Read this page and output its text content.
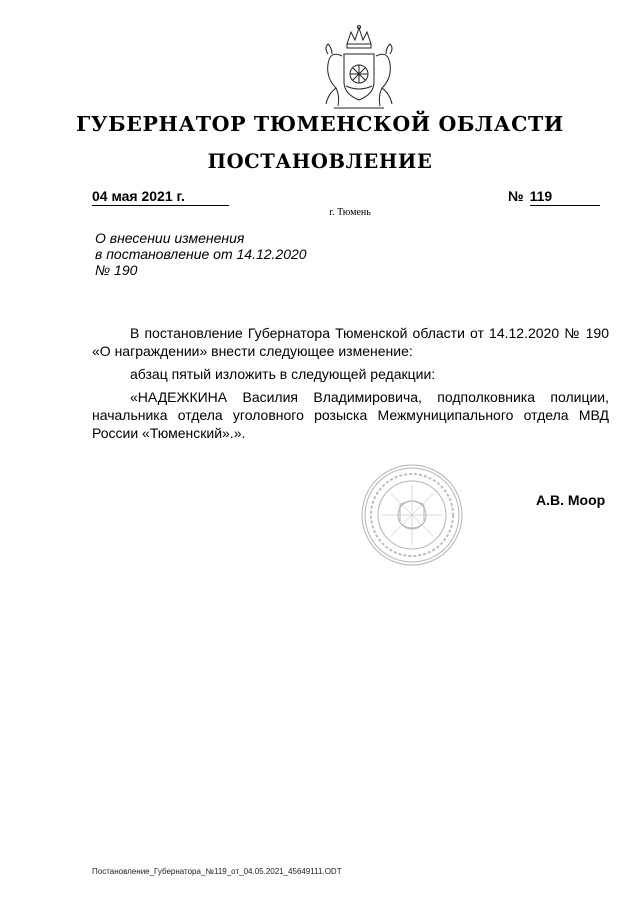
ГУБЕРНАТОР ТЮМЕНСКОЙ ОБЛАСТИ
ПОСТАНОВЛЕНИЕ
04 мая 2021 г.	№ 119
г. Тюмень
О внесении изменения
в постановление от 14.12.2020
№ 190

В постановление Губернатора Тюменской области от 14.12.2020 № 190 «О награждении» внести следующее изменение:

абзац пятый изложить в следующей редакции:

«НАДЕЖКИНА Василия Владимировича, подполковника полиции, начальника отдела уголовного розыска Межмуниципального отдела МВД России «Тюменский».».

А.В. Моор
Постановление_Губернатора_№119_от_04.05.2021_45649111.ODT
